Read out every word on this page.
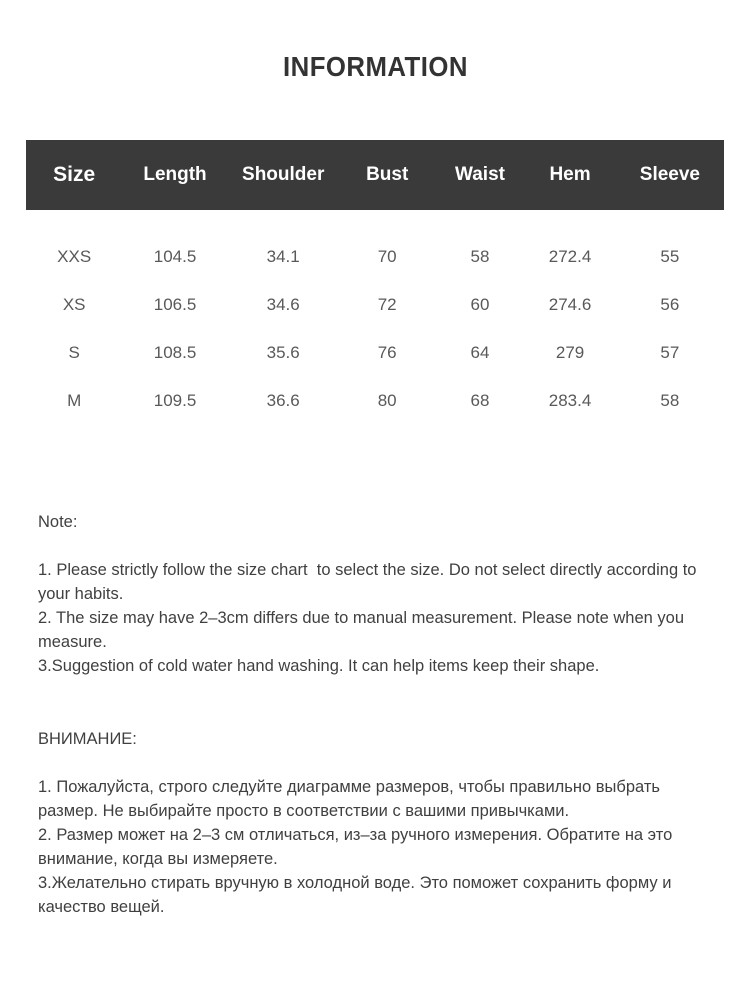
INFORMATION
Size	Length	Shoulder	Bust	Waist	Hem	Sleeve
XXS	104.5	34.1	70	58	272.4	55
XS	106.5	34.6	72	60	274.6	56
S	108.5	35.6	76	64	279	57
M	109.5	36.6	80	68	283.4	58

Note:

1. Please strictly follow the size chart  to select the size. Do not select directly according to your habits.

2. The size may have 2–3cm differs due to manual measurement. Please note when you measure.

3.Suggestion of cold water hand washing. It can help items keep their shape.

ВНИМАНИЕ:

1. Пожалуйста, строго следуйте диаграмме размеров, чтобы правильно выбрать размер. Не выбирайте просто в соответствии с вашими привычками.

2. Размер может на 2–3 см отличаться, из–за ручного измерения. Обратите на это внимание, когда вы измеряете.

3.Желательно стирать вручную в холодной воде. Это поможет сохранить форму и качество вещей.
